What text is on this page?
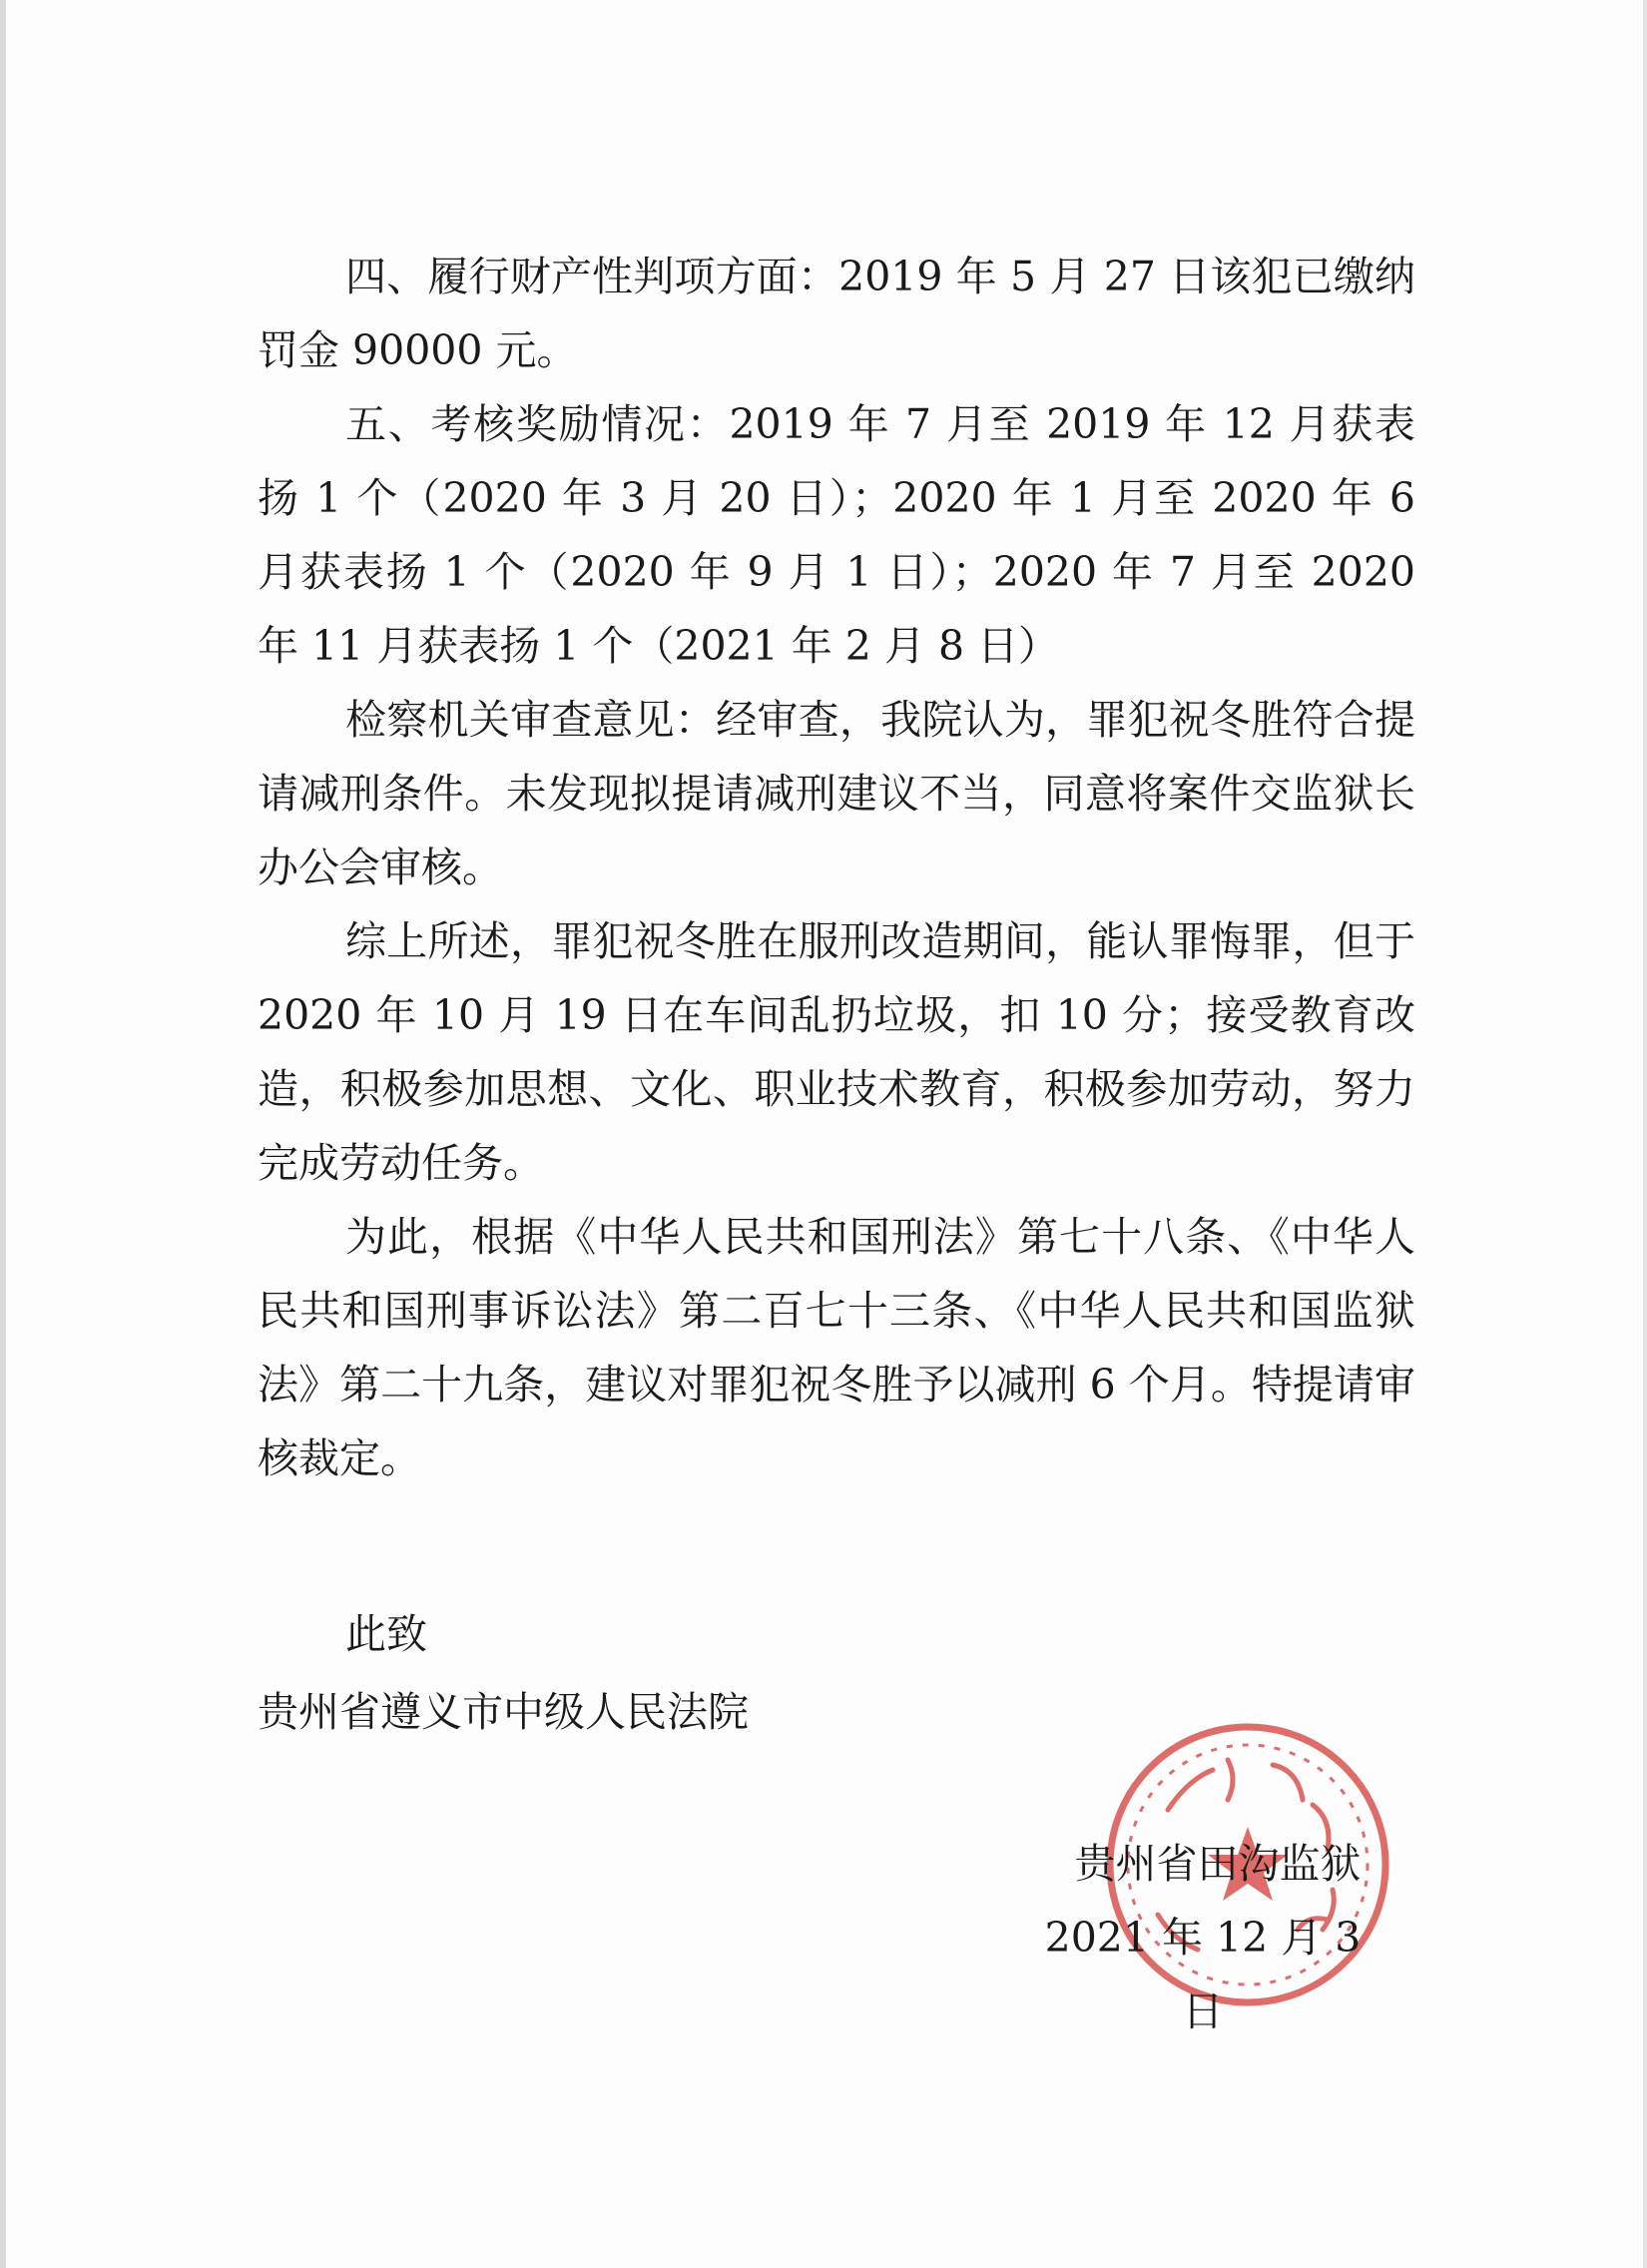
四、履行财产性判项方面：2019 年 5 月 27 日该犯已缴纳罚金 90000 元。

五、考核奖励情况：2019 年 7 月至 2019 年 12 月获表扬 1 个（2020 年 3 月 20 日）；2020 年 1 月至 2020 年 6 月获表扬 1 个（2020 年 9 月 1 日）；2020 年 7 月至 2020 年 11 月获表扬 1 个（2021 年 2 月 8 日）

检察机关审查意见：经审查，我院认为，罪犯祝冬胜符合提请减刑条件。未发现拟提请减刑建议不当，同意将案件交监狱长办公会审核。

综上所述，罪犯祝冬胜在服刑改造期间，能认罪悔罪，但于 2020 年 10 月 19 日在车间乱扔垃圾，扣 10 分；接受教育改造，积极参加思想、文化、职业技术教育，积极参加劳动，努力完成劳动任务。

为此，根据《中华人民共和国刑法》第七十八条、《中华人民共和国刑事诉讼法》第二百七十三条、《中华人民共和国监狱法》第二十九条，建议对罪犯祝冬胜予以减刑 6 个月。特提请审核裁定。

此致

贵州省遵义市中级人民法院

贵州省田沟监狱

2021 年 12 月 3 日
